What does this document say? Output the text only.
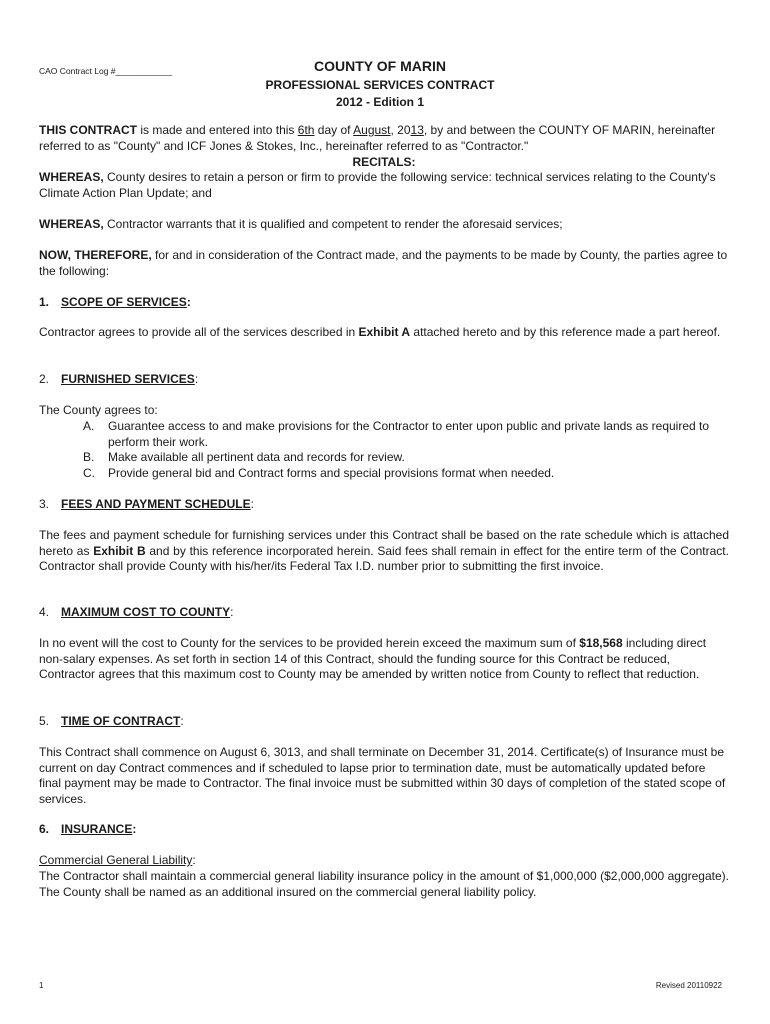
CAO Contract Log #____________	COUNTY OF MARIN
PROFESSIONAL SERVICES CONTRACT
2012 - Edition 1

THIS CONTRACT is made and entered into this 6th day of August, 2013, by and between the COUNTY OF MARIN, hereinafter referred to as "County" and ICF Jones & Stokes, Inc., hereinafter referred to as "Contractor."

RECITALS:

WHEREAS, County desires to retain a person or firm to provide the following service: technical services relating to the County's Climate Action Plan Update; and

WHEREAS, Contractor warrants that it is qualified and competent to render the aforesaid services;

NOW, THEREFORE, for and in consideration of the Contract made, and the payments to be made by County, the parties agree to the following:

1. SCOPE OF SERVICES:

Contractor agrees to provide all of the services described in Exhibit A attached hereto and by this reference made a part hereof.

2. FURNISHED SERVICES:

The County agrees to:

A.	Guarantee access to and make provisions for the Contractor to enter upon public and private lands as required to perform their work.
B.	Make available all pertinent data and records for review.
C.	Provide general bid and Contract forms and special provisions format when needed.

3. FEES AND PAYMENT SCHEDULE:

The fees and payment schedule for furnishing services under this Contract shall be based on the rate schedule which is attached hereto as Exhibit B and by this reference incorporated herein. Said fees shall remain in effect for the entire term of the Contract. Contractor shall provide County with his/her/its Federal Tax I.D. number prior to submitting the first invoice.

4. MAXIMUM COST TO COUNTY:

In no event will the cost to County for the services to be provided herein exceed the maximum sum of $18,568 including direct non-salary expenses. As set forth in section 14 of this Contract, should the funding source for this Contract be reduced, Contractor agrees that this maximum cost to County may be amended by written notice from County to reflect that reduction.

5. TIME OF CONTRACT:

This Contract shall commence on August 6, 3013, and shall terminate on December 31, 2014. Certificate(s) of Insurance must be current on day Contract commences and if scheduled to lapse prior to termination date, must be automatically updated before final payment may be made to Contractor. The final invoice must be submitted within 30 days of completion of the stated scope of services.

6. INSURANCE:

Commercial General Liability:

The Contractor shall maintain a commercial general liability insurance policy in the amount of $1,000,000 ($2,000,000 aggregate). The County shall be named as an additional insured on the commercial general liability policy.

1	Revised 20110922
